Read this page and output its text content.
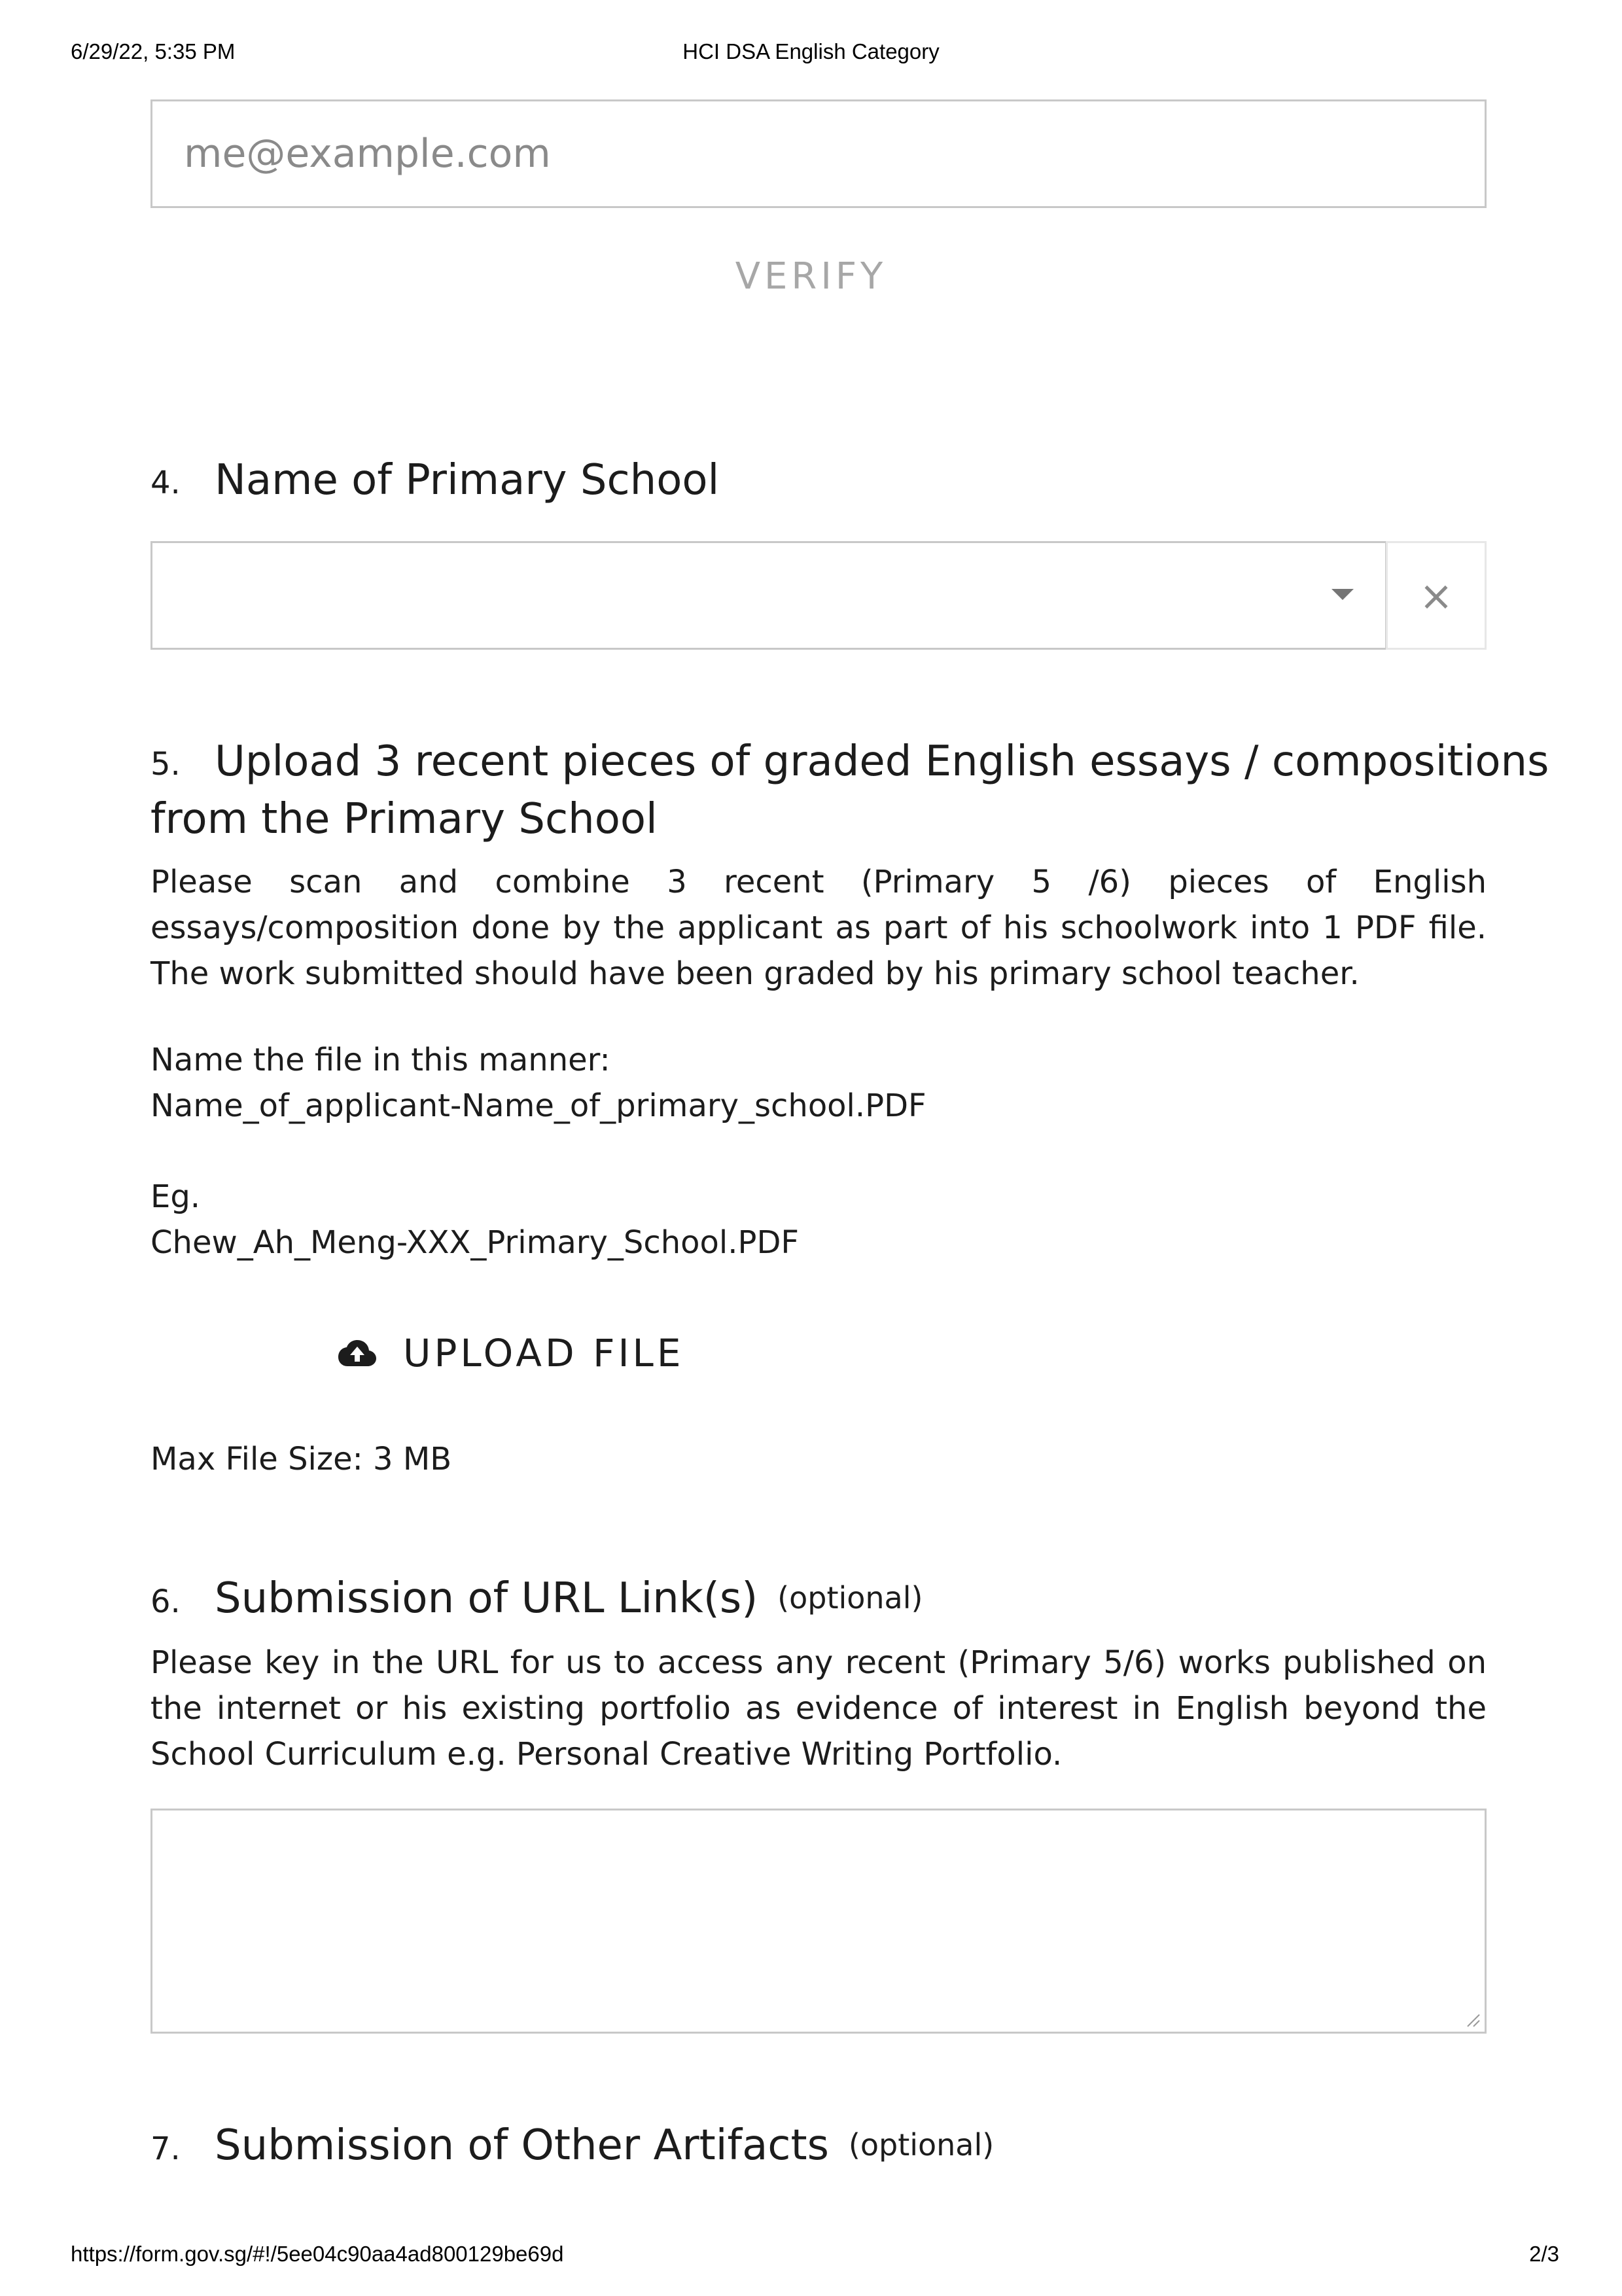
6/29/22, 5:35 PM	HCI DSA English Category
me@example.com
VERIFY
4. Name of Primary School
×
5. Upload 3 recent pieces of graded English essays / compositions
from the Primary School
Please scan and combine 3 recent (Primary 5 /6) pieces of English essays/composition done by the applicant as part of his schoolwork into 1 PDF file. The work submitted should have been graded by his primary school teacher.
Name the file in this manner:
Name_of_applicant-Name_of_primary_school.PDF
Eg.
Chew_Ah_Meng-XXX_Primary_School.PDF
UPLOAD FILE
Max File Size: 3 MB
6. Submission of URL Link(s) (optional)
Please key in the URL for us to access any recent (Primary 5/6) works published on the internet or his existing portfolio as evidence of interest in English beyond the School Curriculum e.g. Personal Creative Writing Portfolio.
7. Submission of Other Artifacts (optional)
https://form.gov.sg/#!/5ee04c90aa4ad800129be69d	2/3
